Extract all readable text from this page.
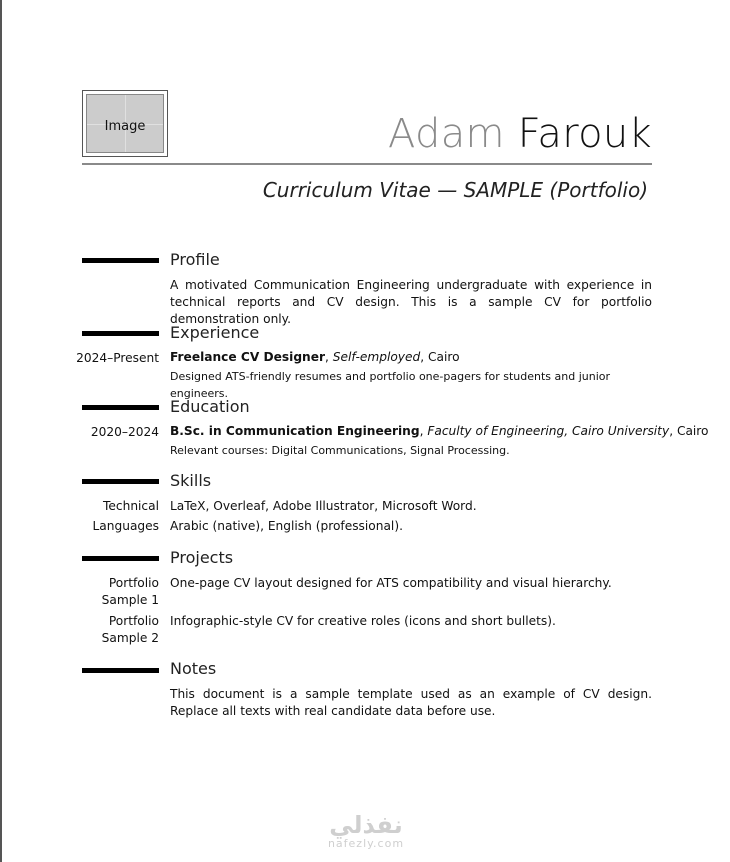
Image	Adam Farouk
Curriculum Vitae — SAMPLE (Portfolio)
Profile
A motivated Communication Engineering undergraduate with experience in technical reports and CV design. This is a sample CV for portfolio demonstration only.
Experience
2024–Present Freelance CV Designer, Self-employed, Cairo
Designed ATS-friendly resumes and portfolio one-pagers for students and junior engineers.
Education
2020–2024 B.Sc. in Communication Engineering, Faculty of Engineering, Cairo University, Cairo
Relevant courses: Digital Communications, Signal Processing.
Skills
Technical LaTeX, Overleaf, Adobe Illustrator, Microsoft Word.
Languages Arabic (native), English (professional).
Projects
Portfolio
Sample 1
One-page CV layout designed for ATS compatibility and visual hierarchy.
Portfolio
Sample 2
Infographic-style CV for creative roles (icons and short bullets).
Notes
This document is a sample template used as an example of CV design. Replace all texts with real candidate data before use.
نفذلي
nafezly.com
